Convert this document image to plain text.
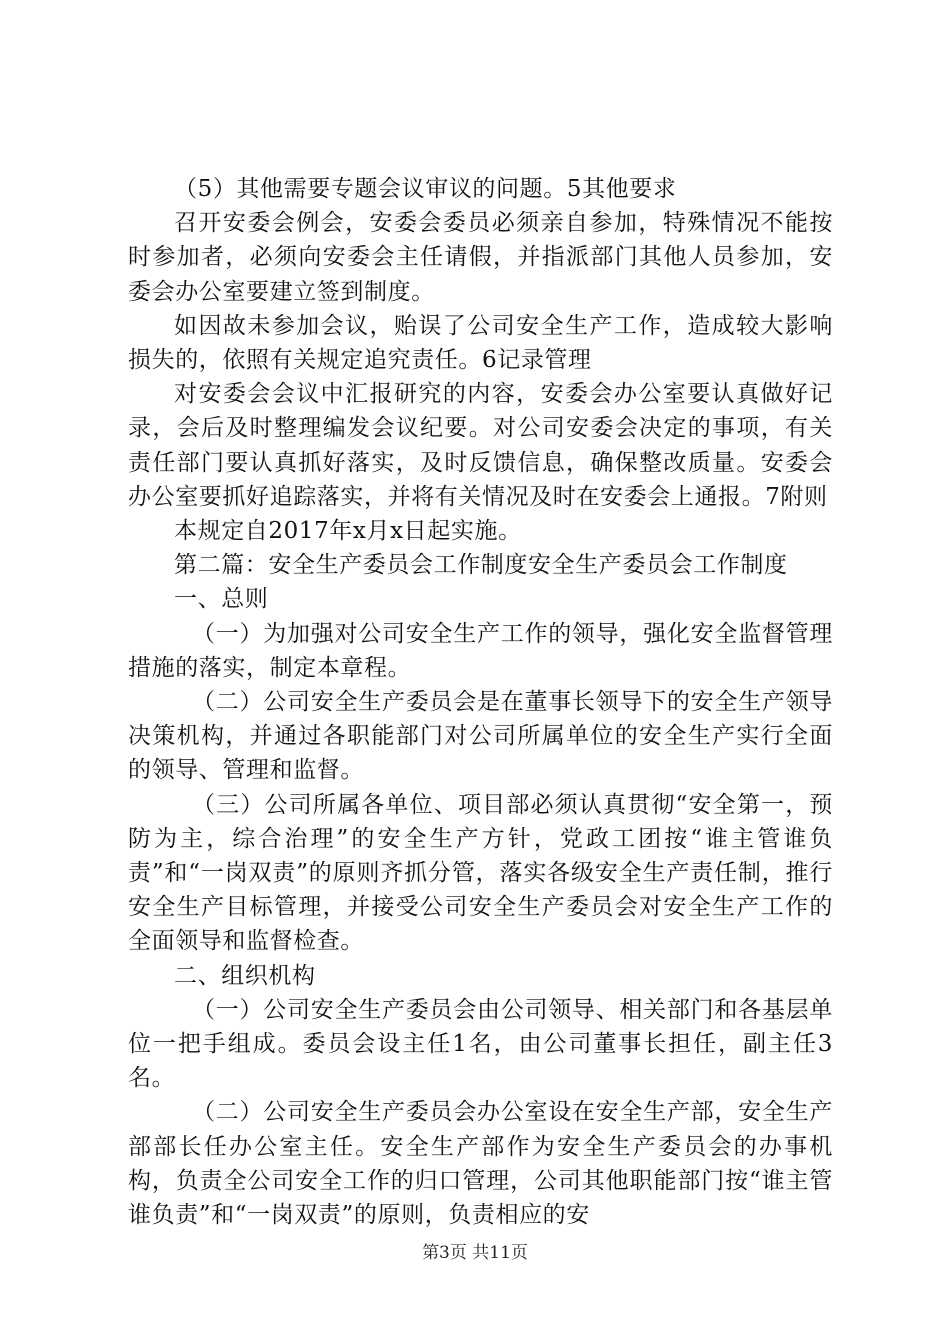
（5）其他需要专题会议审议的问题。5其他要求

召开安委会例会，安委会委员必须亲自参加，特殊情况不能按时参加者，必须向安委会主任请假，并指派部门其他人员参加，安委会办公室要建立签到制度。

如因故未参加会议，贻误了公司安全生产工作，造成较大影响损失的，依照有关规定追究责任。6记录管理

对安委会会议中汇报研究的内容，安委会办公室要认真做好记录，会后及时整理编发会议纪要。对公司安委会决定的事项，有关责任部门要认真抓好落实，及时反馈信息，确保整改质量。安委会办公室要抓好追踪落实，并将有关情况及时在安委会上通报。7附则

本规定自2017年x月x日起实施。

第二篇：安全生产委员会工作制度安全生产委员会工作制度

一、总则

（一）为加强对公司安全生产工作的领导，强化安全监督管理措施的落实，制定本章程。

（二）公司安全生产委员会是在董事长领导下的安全生产领导决策机构，并通过各职能部门对公司所属单位的安全生产实行全面的领导、管理和监督。

（三）公司所属各单位、项目部必须认真贯彻“安全第一，预防为主，综合治理”的安全生产方针，党政工团按“谁主管谁负责”和“一岗双责”的原则齐抓分管，落实各级安全生产责任制，推行安全生产目标管理，并接受公司安全生产委员会对安全生产工作的全面领导和监督检查。

二、组织机构

（一）公司安全生产委员会由公司领导、相关部门和各基层单位一把手组成。委员会设主任1名，由公司董事长担任，副主任3名。

（二）公司安全生产委员会办公室设在安全生产部，安全生产部部长任办公室主任。安全生产部作为安全生产委员会的办事机构，负责全公司安全工作的归口管理，公司其他职能部门按“谁主管谁负责”和“一岗双责”的原则，负责相应的安

第3页 共11页
